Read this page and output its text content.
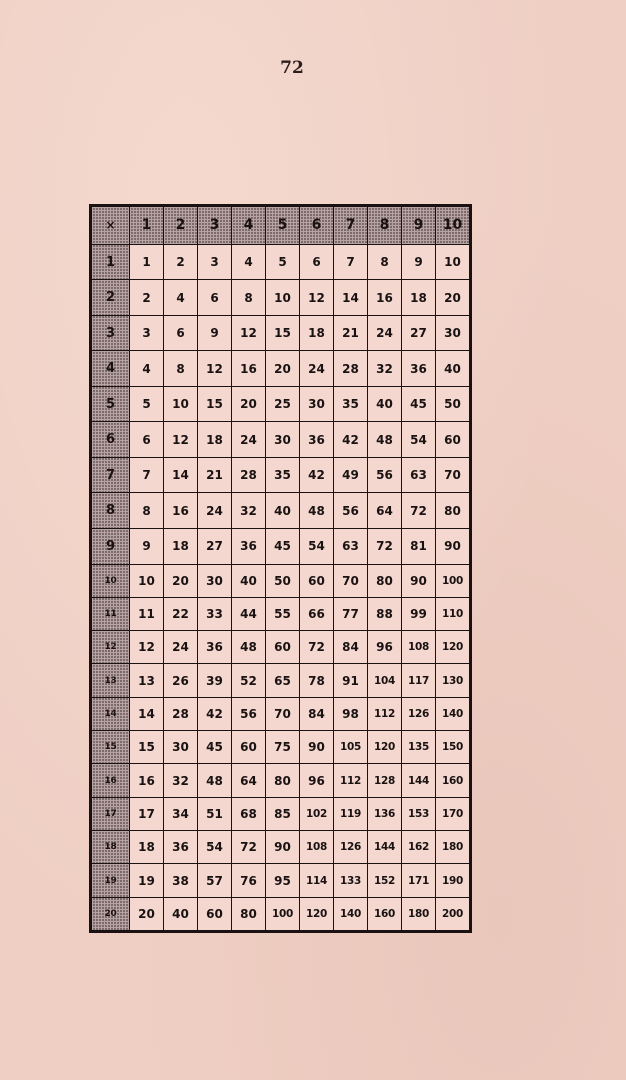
72
×	1	2	3	4	5	6	7	8	9	10
1	1	2	3	4	5	6	7	8	9	10
2	2	4	6	8	10	12	14	16	18	20
3	3	6	9	12	15	18	21	24	27	30
4	4	8	12	16	20	24	28	32	36	40
5	5	10	15	20	25	30	35	40	45	50
6	6	12	18	24	30	36	42	48	54	60
7	7	14	21	28	35	42	49	56	63	70
8	8	16	24	32	40	48	56	64	72	80
9	9	18	27	36	45	54	63	72	81	90
10	10	20	30	40	50	60	70	80	90	100
11	11	22	33	44	55	66	77	88	99	110
12	12	24	36	48	60	72	84	96	108	120
13	13	26	39	52	65	78	91	104	117	130
14	14	28	42	56	70	84	98	112	126	140
15	15	30	45	60	75	90	105	120	135	150
16	16	32	48	64	80	96	112	128	144	160
17	17	34	51	68	85	102	119	136	153	170
18	18	36	54	72	90	108	126	144	162	180
19	19	38	57	76	95	114	133	152	171	190
20	20	40	60	80	100	120	140	160	180	200
